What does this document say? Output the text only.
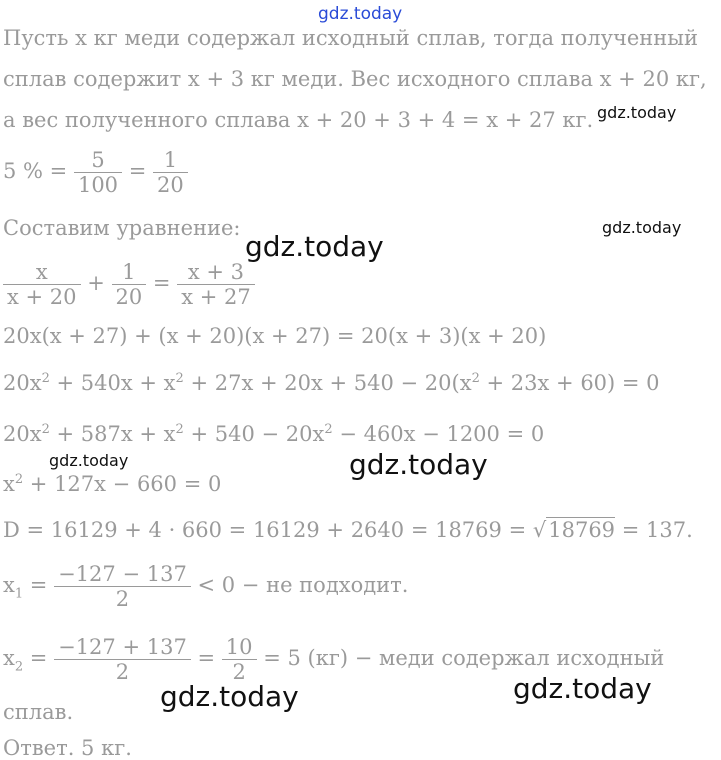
gdz.today
gdz.today
gdz.today
gdz.today
gdz.today	gdz.today
gdz.today	gdz.today
Пусть x кг меди содержал исходный сплав, тогда полученный
сплав содержит x + 3 кг меди. Вес исходного сплава x + 20 кг,
а вес полученного сплава x + 20 + 3 + 4 = x + 27 кг.
5 % = $\frac{5}{100} = \frac{1}{20}$
Составим уравнение:
$\frac{x}{x + 20} + \frac{1}{20} = \frac{x + 3}{x + 27}$
20x(x + 27) + (x + 20)(x + 27) = 20(x + 3)(x + 20)
$20x^2 + 540x + x^2 + 27x + 20x + 540 - 20(x^2 + 23x + 60) = 0$
$20x^2 + 587x + x^2 + 540 - 20x^2 - 460x - 1200 = 0$
$x^2 + 127x - 660 = 0$
D = 16129 + 4 · 660 = 16129 + 2640 = 18769 = √18769 = 137.
$x_1 = \frac{-127 - 137}{2} < 0$ − не подходит.
$x_2 = \frac{-127 + 137}{2} = \frac{10}{2} = 5$ (кг) − меди содержал исходный
сплав.
Ответ. 5 кг.
